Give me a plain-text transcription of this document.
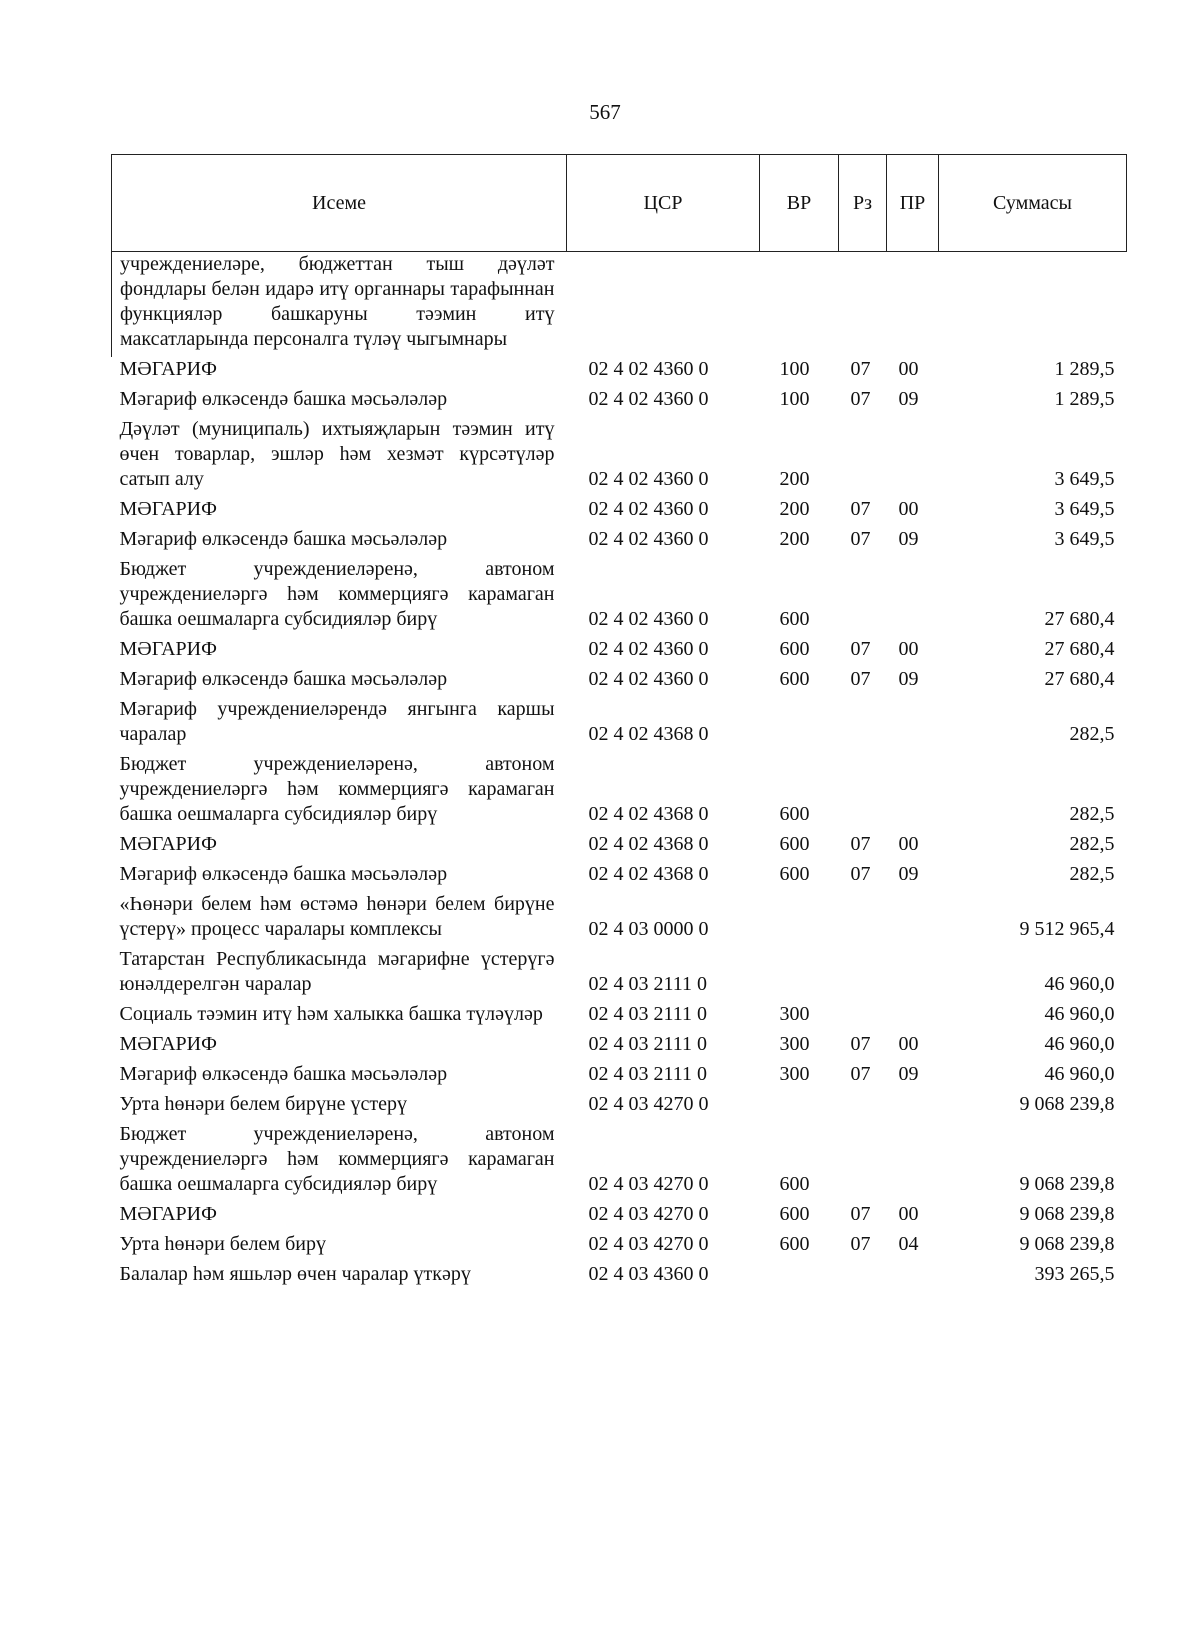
567
Исеме	ЦСР	ВР	Рз	ПР	Суммасы
учреждениеләре, бюджеттан тыш дәүләт фондлары белән идарә итү органнары тарафыннан функцияләр башкаруны тәэмин итү максатларында персоналга түләү чыгымнары					
МӘГАРИФ	02 4 02 4360 0	100	07	00	1 289,5
Мәгариф өлкәсендә башка мәсьәләләр	02 4 02 4360 0	100	07	09	1 289,5
Дәүләт (муниципаль) ихтыяҗларын тәэмин итү өчен товарлар, эшләр һәм хезмәт күрсәтүләр сатып алу	02 4 02 4360 0	200			3 649,5
МӘГАРИФ	02 4 02 4360 0	200	07	00	3 649,5
Мәгариф өлкәсендә башка мәсьәләләр	02 4 02 4360 0	200	07	09	3 649,5
Бюджет учреждениеләренә, автоном учреждениеләргә һәм коммерциягә карамаган башка оешмаларга субсидияләр бирү	02 4 02 4360 0	600			27 680,4
МӘГАРИФ	02 4 02 4360 0	600	07	00	27 680,4
Мәгариф өлкәсендә башка мәсьәләләр	02 4 02 4360 0	600	07	09	27 680,4
Мәгариф учреждениеләрендә янгынга каршы чаралар	02 4 02 4368 0				282,5
Бюджет учреждениеләренә, автоном учреждениеләргә һәм коммерциягә карамаган башка оешмаларга субсидияләр бирү	02 4 02 4368 0	600			282,5
МӘГАРИФ	02 4 02 4368 0	600	07	00	282,5
Мәгариф өлкәсендә башка мәсьәләләр	02 4 02 4368 0	600	07	09	282,5
«Һөнәри белем һәм өстәмә һөнәри белем бирүне үстерү» процесс чаралары комплексы	02 4 03 0000 0				9 512 965,4
Татарстан Республикасында мәгарифне үстерүгә юнәлдерелгән чаралар	02 4 03 2111 0				46 960,0
Социаль тәэмин итү һәм халыкка башка түләүләр	02 4 03 2111 0	300			46 960,0
МӘГАРИФ	02 4 03 2111 0	300	07	00	46 960,0
Мәгариф өлкәсендә башка мәсьәләләр	02 4 03 2111 0	300	07	09	46 960,0
Урта һөнәри белем бирүне үстерү	02 4 03 4270 0				9 068 239,8
Бюджет учреждениеләренә, автоном учреждениеләргә һәм коммерциягә карамаган башка оешмаларга субсидияләр бирү	02 4 03 4270 0	600			9 068 239,8
МӘГАРИФ	02 4 03 4270 0	600	07	00	9 068 239,8
Урта һөнәри белем бирү	02 4 03 4270 0	600	07	04	9 068 239,8
Балалар һәм яшьләр өчен чаралар үткәрү	02 4 03 4360 0				393 265,5
